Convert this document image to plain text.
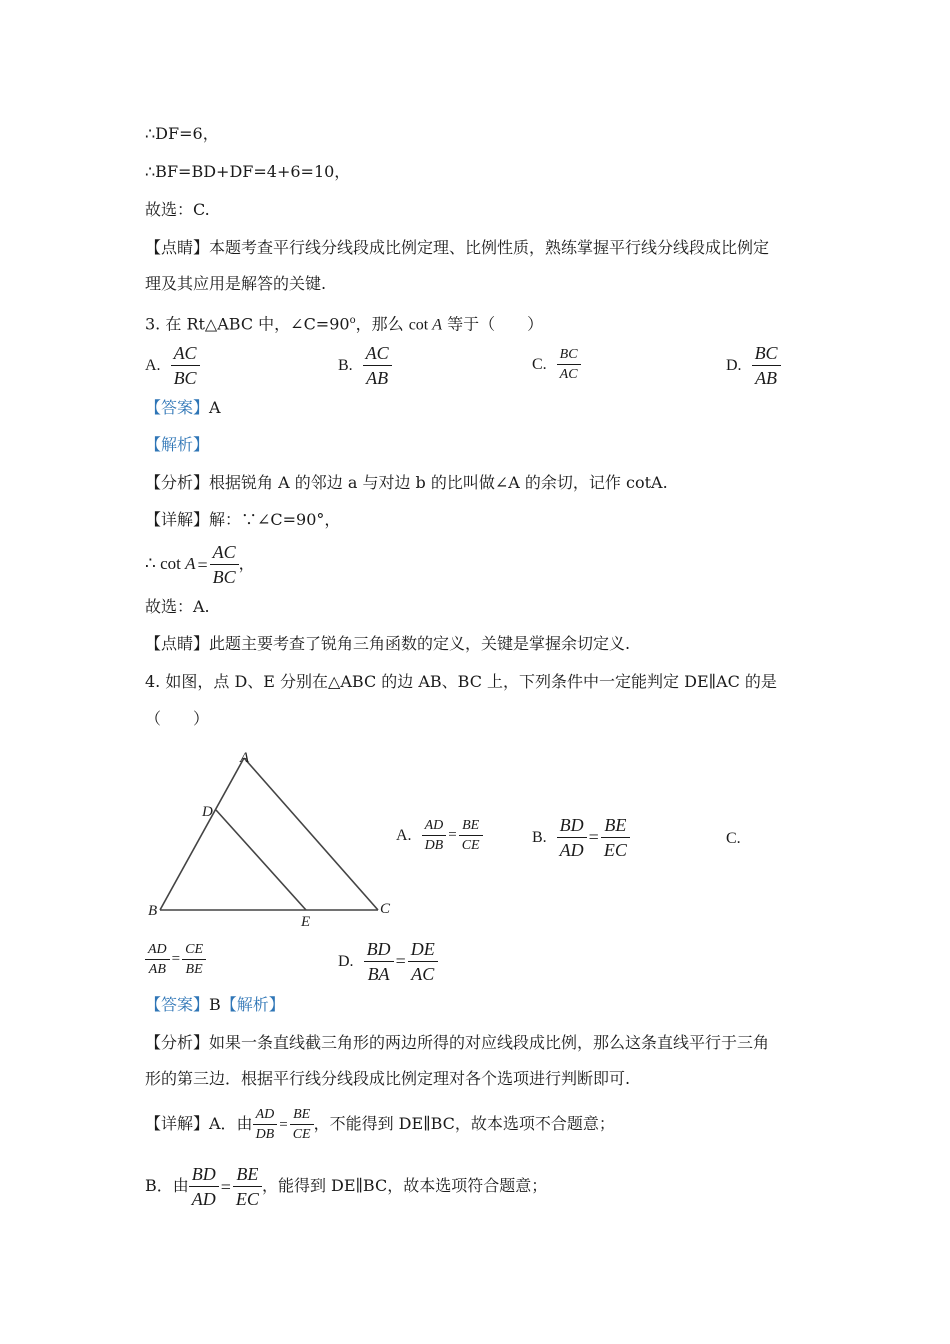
∴DF=6，
∴BF=BD+DF=4+6=10，
故选：C.
【点睛】本题考查平行线分线段成比例定理、比例性质，熟练掌握平行线分线段成比例定
理及其应用是解答的关键.
3. 在 Rt△ABC 中，$\angle C=90^o$，那么 cot A 等于（　　）
A. $\frac{AC}{BC}$	B. $\frac{AC}{AB}$	C. $\frac{BC}{AC}$	D. $\frac{BC}{AB}$
【答案】A
【解析】
【分析】根据锐角 A 的邻边 a 与对边 b 的比叫做∠A 的余切，记作 cotA.
【详解】解：∵∠C=90°，
∴ $\cot A = \frac{AC}{BC}$ ，
故选：A.
【点睛】此题主要考查了锐角三角函数的定义，关键是掌握余切定义.
4. 如图，点 D、E 分别在△ABC 的边 AB、BC 上，下列条件中一定能判定 DE∥AC 的是
（　　）
A
D
B
E
C
A. $\frac{AD}{DB} = \frac{BE}{CE}$	B. $\frac{BD}{AD} = \frac{BE}{EC}$	C.
$\frac{AD}{AB} = \frac{CE}{BE}$	D. $\frac{BD}{BA} = \frac{DE}{AC}$
【答案】B【解析】
【分析】如果一条直线截三角形的两边所得的对应线段成比例，那么这条直线平行于三角
形的第三边．根据平行线分线段成比例定理对各个选项进行判断即可.
【详解】A．由 $\frac{AD}{DB} = \frac{BE}{CE}$ ，不能得到 DE∥BC，故本选项不合题意；
B．由 $\frac{BD}{AD} = \frac{BE}{EC}$ ，能得到 DE∥BC，故本选项符合题意；
